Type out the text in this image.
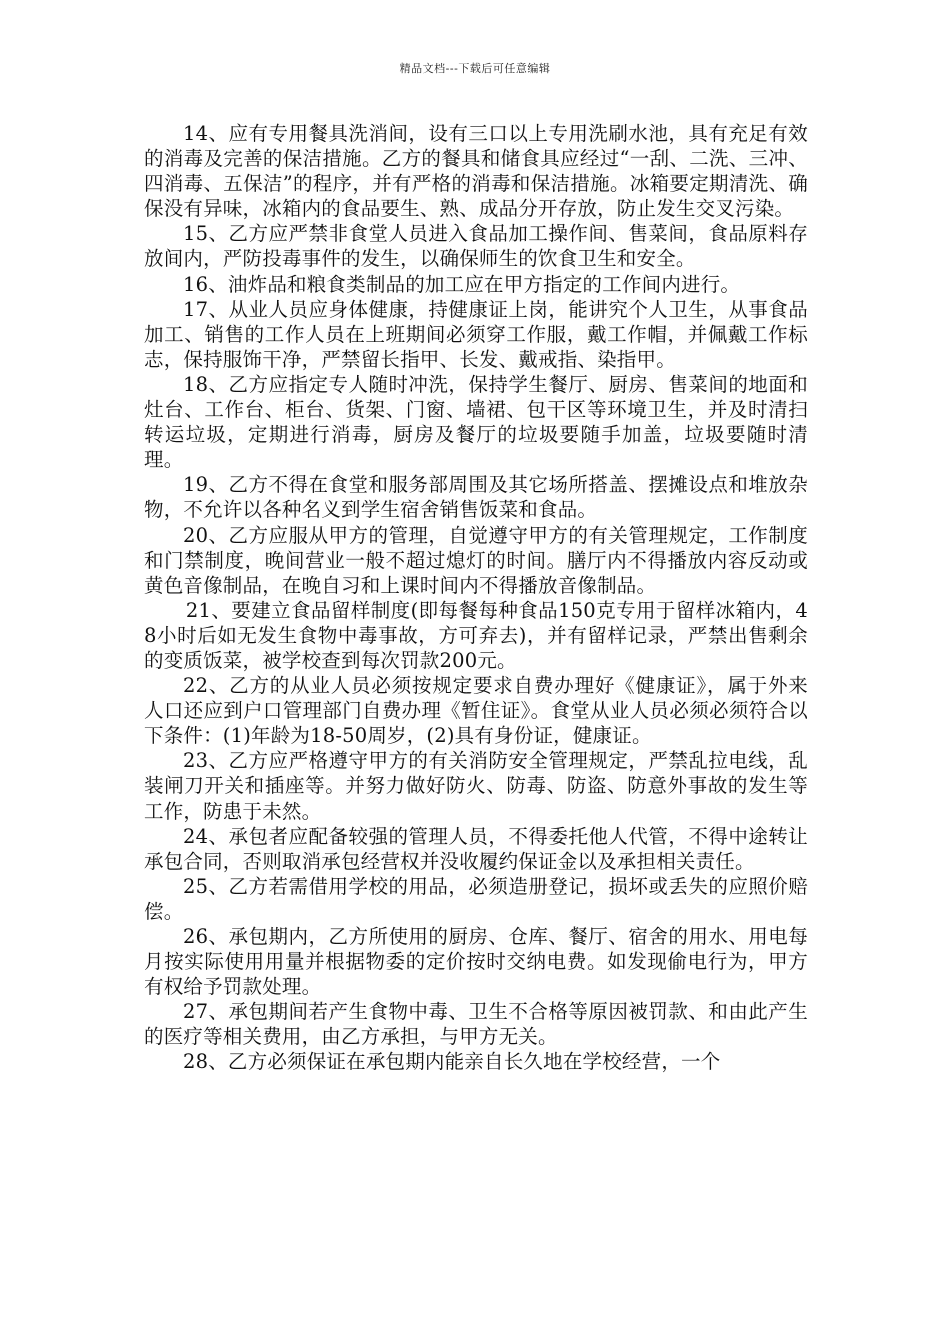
精品文档---下载后可任意编辑

14、应有专用餐具洗消间，设有三口以上专用洗刷水池，具有充足有效的消毒及完善的保洁措施。乙方的餐具和储食具应经过“一刮、二洗、三冲、四消毒、五保洁”的程序，并有严格的消毒和保洁措施。冰箱要定期清洗、确保没有异味，冰箱内的食品要生、熟、成品分开存放，防止发生交叉污染。

15、乙方应严禁非食堂人员进入食品加工操作间、售菜间，食品原料存放间内，严防投毒事件的发生，以确保师生的饮食卫生和安全。

16、油炸品和粮食类制品的加工应在甲方指定的工作间内进行。

17、从业人员应身体健康，持健康证上岗，能讲究个人卫生，从事食品加工、销售的工作人员在上班期间必须穿工作服，戴工作帽，并佩戴工作标志，保持服饰干净，严禁留长指甲、长发、戴戒指、染指甲。

18、乙方应指定专人随时冲洗，保持学生餐厅、厨房、售菜间的地面和灶台、工作台、柜台、货架、门窗、墙裙、包干区等环境卫生，并及时清扫转运垃圾，定期进行消毒，厨房及餐厅的垃圾要随手加盖，垃圾要随时清理。

19、乙方不得在食堂和服务部周围及其它场所搭盖、摆摊设点和堆放杂物，不允许以各种名义到学生宿舍销售饭菜和食品。

20、乙方应服从甲方的管理，自觉遵守甲方的有关管理规定，工作制度和门禁制度，晚间营业一般不超过熄灯的时间。膳厅内不得播放内容反动或黄色音像制品，在晚自习和上课时间内不得播放音像制品。

21、要建立食品留样制度(即每餐每种食品150克专用于留样冰箱内，48小时后如无发生食物中毒事故，方可弃去)，并有留样记录，严禁出售剩余的变质饭菜，被学校查到每次罚款200元。

22、乙方的从业人员必须按规定要求自费办理好《健康证》，属于外来人口还应到户口管理部门自费办理《暂住证》。食堂从业人员必须必须符合以下条件：(1)年龄为18-50周岁，(2)具有身份证，健康证。

23、乙方应严格遵守甲方的有关消防安全管理规定，严禁乱拉电线，乱装闸刀开关和插座等。并努力做好防火、防毒、防盗、防意外事故的发生等工作，防患于未然。

24、承包者应配备较强的管理人员，不得委托他人代管，不得中途转让承包合同，否则取消承包经营权并没收履约保证金以及承担相关责任。

25、乙方若需借用学校的用品，必须造册登记，损坏或丢失的应照价赔偿。

26、承包期内，乙方所使用的厨房、仓库、餐厅、宿舍的用水、用电每月按实际使用用量并根据物委的定价按时交纳电费。如发现偷电行为，甲方有权给予罚款处理。

27、承包期间若产生食物中毒、卫生不合格等原因被罚款、和由此产生的医疗等相关费用，由乙方承担，与甲方无关。

28、乙方必须保证在承包期内能亲自长久地在学校经营，一个
